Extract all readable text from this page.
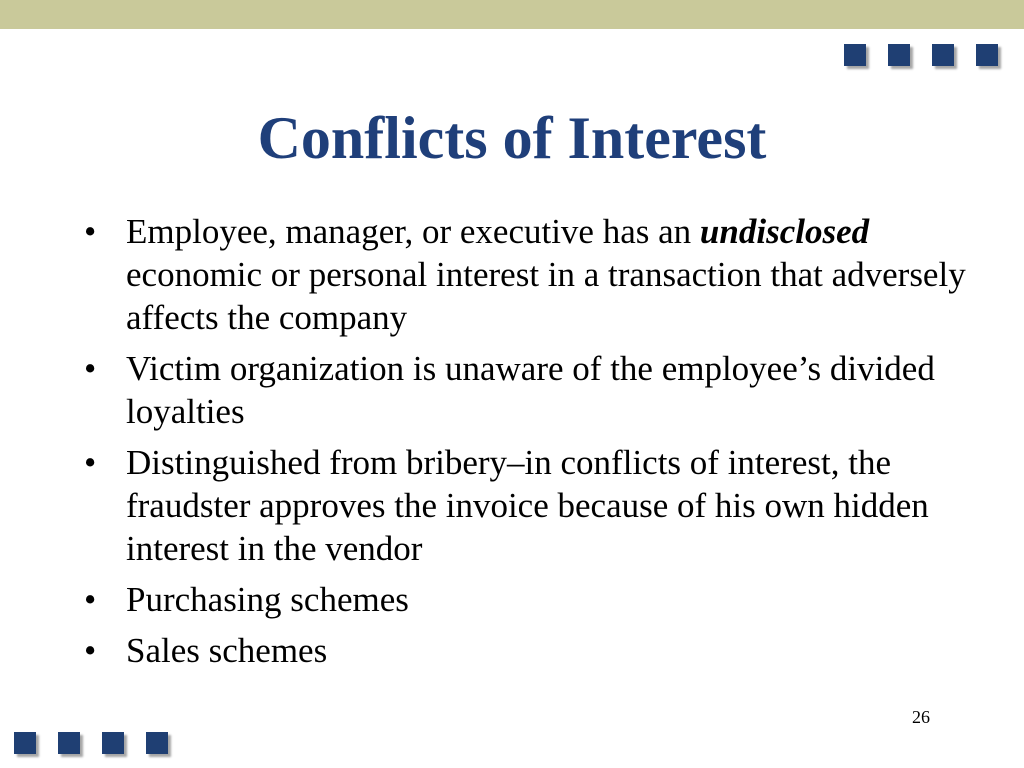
Conflicts of Interest
• Employee, manager, or executive has an undisclosed economic or personal interest in a transaction that adversely affects the company
• Victim organization is unaware of the employee’s divided loyalties
• Distinguished from bribery–in conflicts of interest, the fraudster approves the invoice because of his own hidden interest in the vendor
• Purchasing schemes
• Sales schemes
26
